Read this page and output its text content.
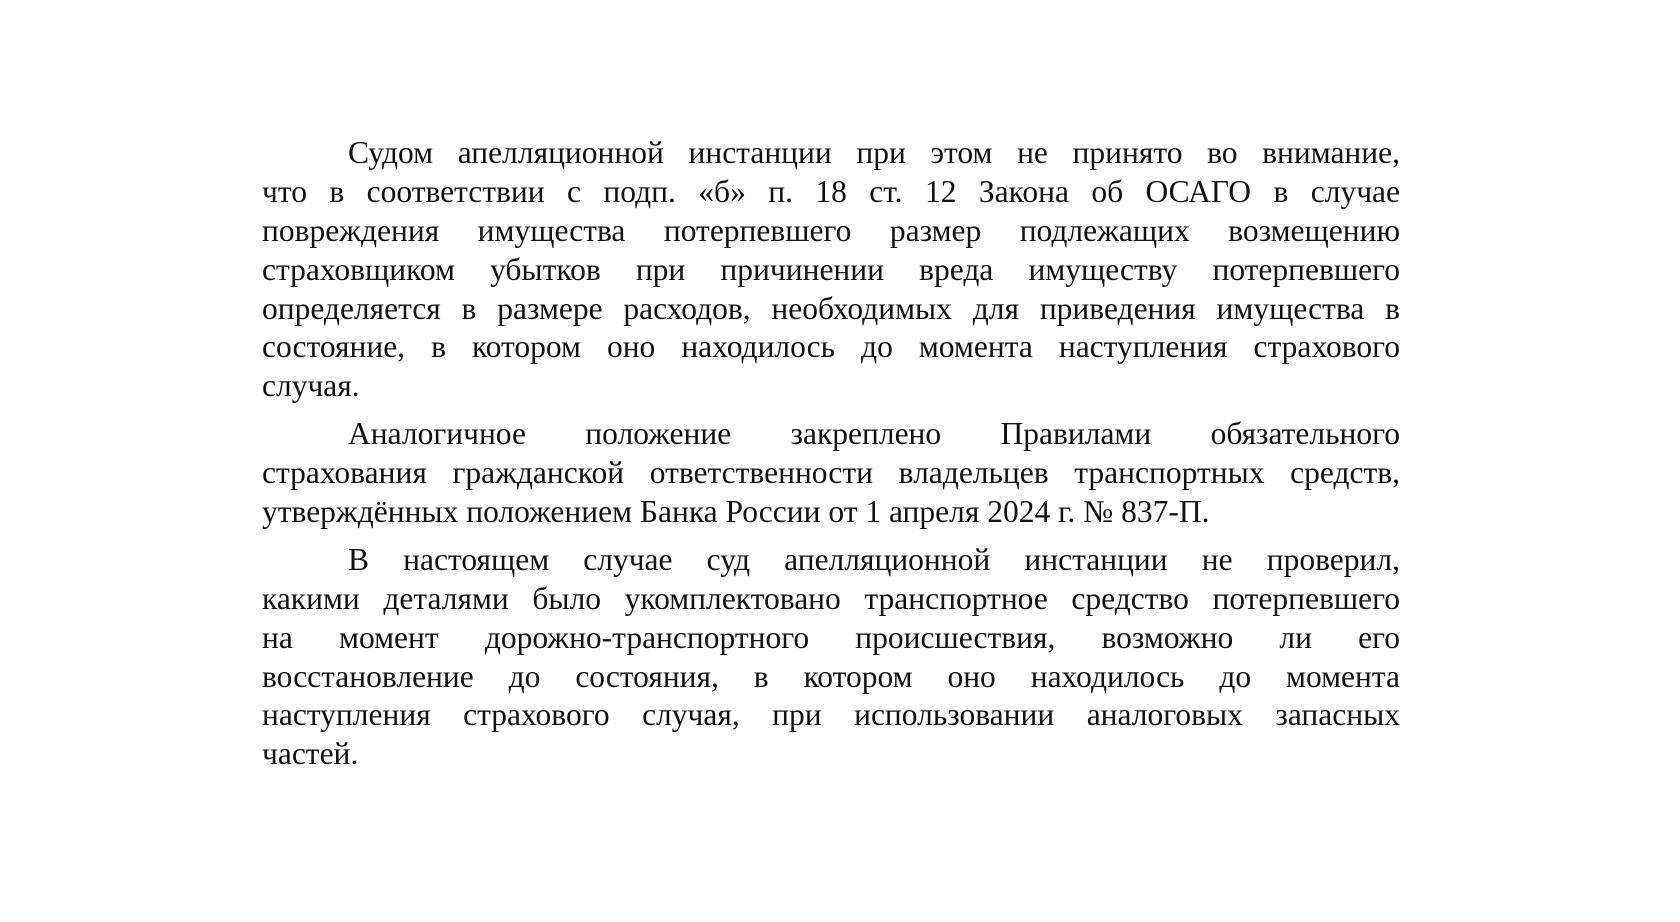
Судом апелляционной инстанции при этом не принято во внимание,
что в соответствии с подп. «б» п. 18 ст. 12 Закона об ОСАГО в случае
повреждения имущества потерпевшего размер подлежащих возмещению
страховщиком убытков при причинении вреда имуществу потерпевшего
определяется в размере расходов, необходимых для приведения имущества в
состояние, в котором оно находилось до момента наступления страхового
случая.
Аналогичное положение закреплено Правилами обязательного
страхования гражданской ответственности владельцев транспортных средств,
утверждённых положением Банка России от 1 апреля 2024 г. № 837-П.
В настоящем случае суд апелляционной инстанции не проверил,
какими деталями было укомплектовано транспортное средство потерпевшего
на момент дорожно-транспортного происшествия, возможно ли его
восстановление до состояния, в котором оно находилось до момента
наступления страхового случая, при использовании аналоговых запасных
частей.
